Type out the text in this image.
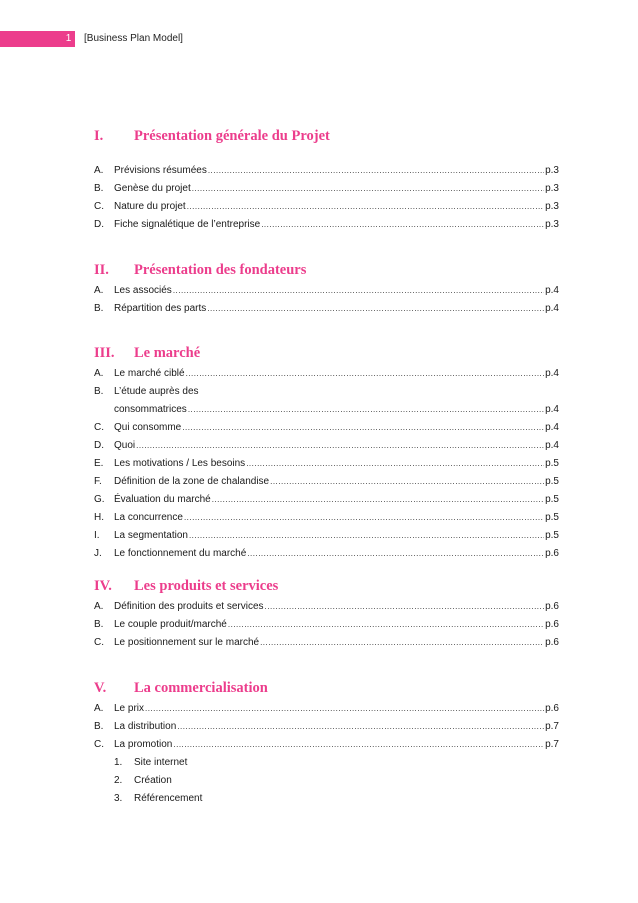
1	[Business Plan Model]
I.	Présentation générale du Projet
A.	Prévisions résumées .....	p.3
B.	Genèse du projet .....	p.3
C.	Nature du projet .....	p.3
D.	Fiche signalétique de l’entreprise .....	p.3
II.	Présentation des fondateurs
A.	Les associés .....	p.4
B.	Répartition des parts .....	p.4
III.	Le marché
A.	Le marché ciblé .....	p.4
B.	L’étude auprès des
consommatrices .....	p.4
C.	Qui consomme .....	p.4
D.	Quoi .....	p.4
E.	Les motivations / Les besoins .....	p.5
F.	Définition de la zone de chalandise .....	p.5
G. Évaluation du marché .....	p.5
H.	La concurrence .....	p.5
I.	La segmentation .....	p.5
J.	Le fonctionnement du marché .....	p.6
IV.	Les produits et services
A.	Définition des produits et services .....	p.6
B.	Le couple produit/marché .....	p.6
C.	Le positionnement sur le marché .....	p.6
V.	La commercialisation
A.	Le prix .....	p.6
B.	La distribution .....	p.7
C.	La promotion .....	p.7
1.	Site internet
2.	Création
3.	Référencement
